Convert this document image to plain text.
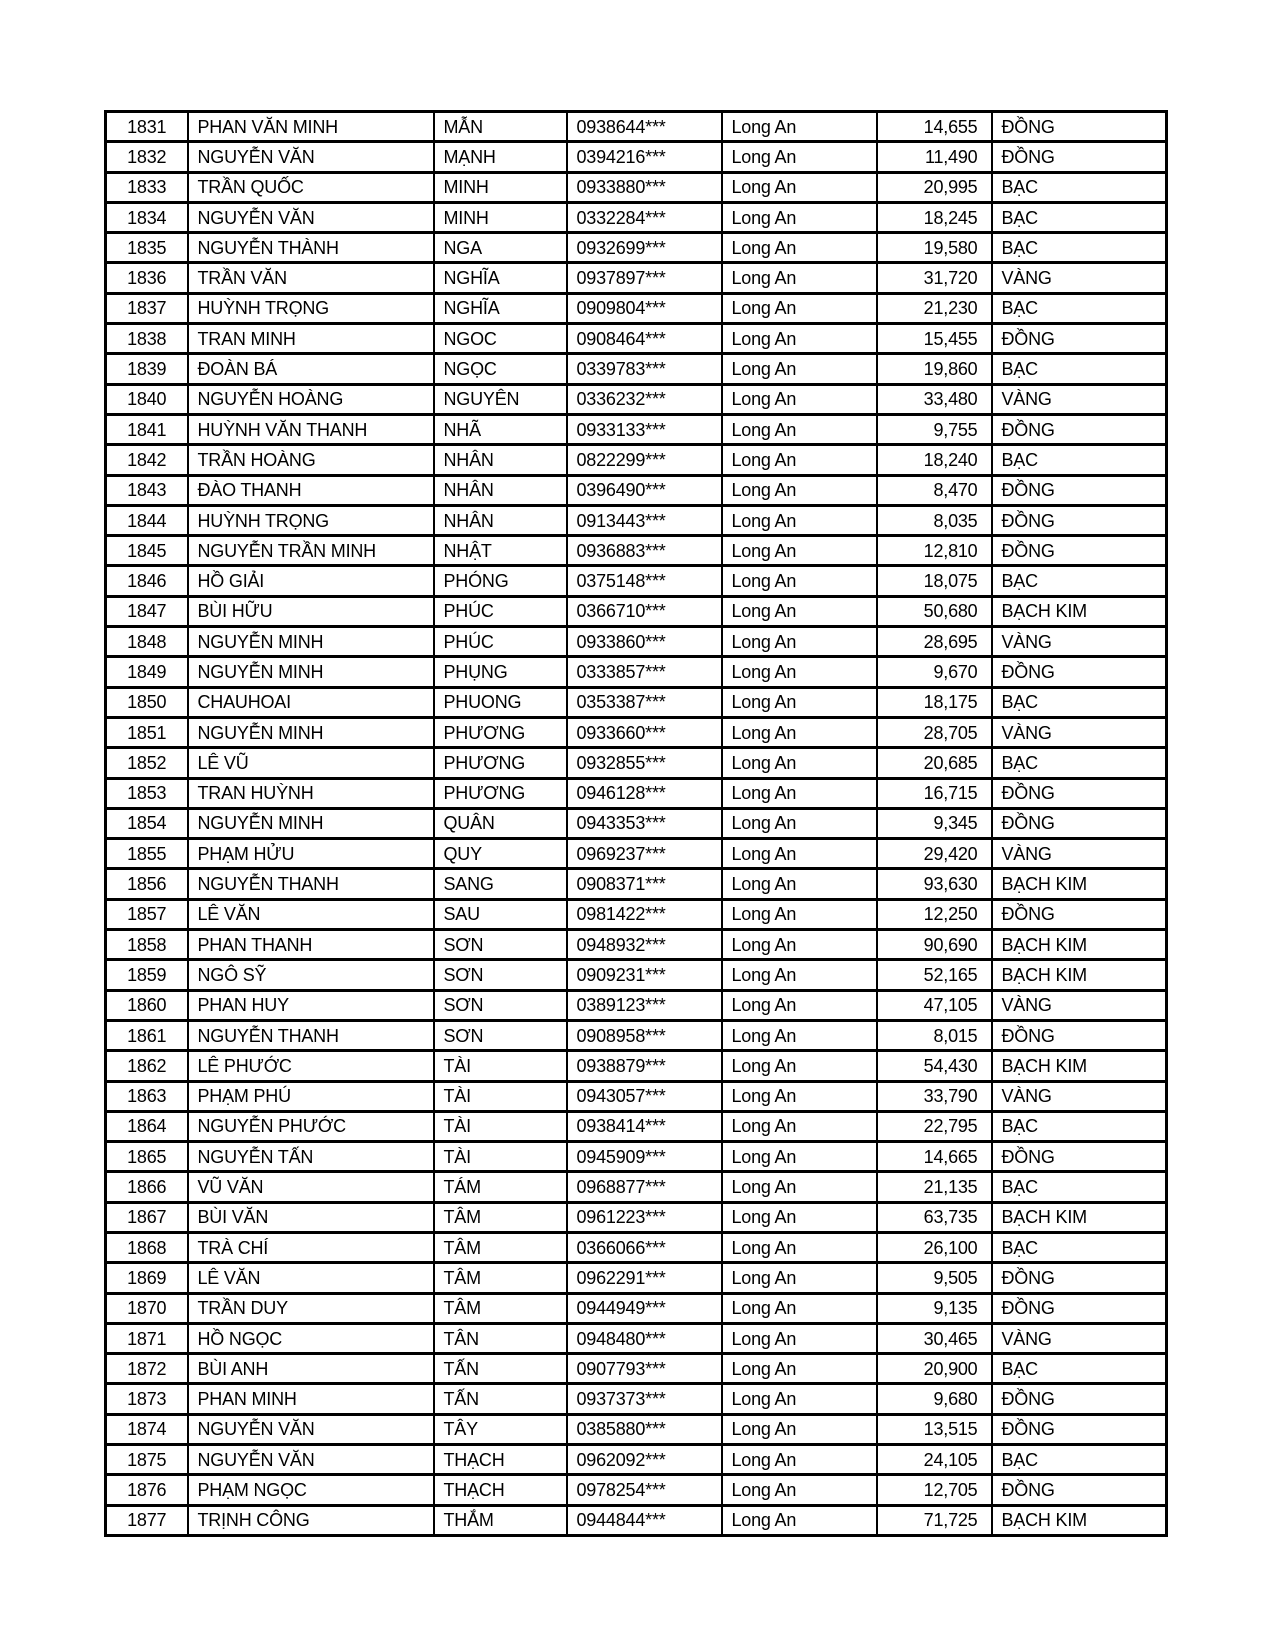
1831	PHAN VĂN MINH	MẪN	0938644***	Long An	14,655	ĐỒNG
1832	NGUYỄN VĂN	MẠNH	0394216***	Long An	11,490	ĐỒNG
1833	TRẦN QUỐC	MINH	0933880***	Long An	20,995	BẠC
1834	NGUYỄN VĂN	MINH	0332284***	Long An	18,245	BẠC
1835	NGUYỄN THÀNH	NGA	0932699***	Long An	19,580	BẠC
1836	TRẦN VĂN	NGHĨA	0937897***	Long An	31,720	VÀNG
1837	HUỲNH TRỌNG	NGHĨA	0909804***	Long An	21,230	BẠC
1838	TRAN MINH	NGOC	0908464***	Long An	15,455	ĐỒNG
1839	ĐOÀN BÁ	NGỌC	0339783***	Long An	19,860	BẠC
1840	NGUYỄN HOÀNG	NGUYÊN	0336232***	Long An	33,480	VÀNG
1841	HUỲNH VĂN THANH	NHÃ	0933133***	Long An	9,755	ĐỒNG
1842	TRẦN HOÀNG	NHÂN	0822299***	Long An	18,240	BẠC
1843	ĐÀO THANH	NHÂN	0396490***	Long An	8,470	ĐỒNG
1844	HUỲNH TRỌNG	NHÂN	0913443***	Long An	8,035	ĐỒNG
1845	NGUYỄN TRẦN MINH	NHẬT	0936883***	Long An	12,810	ĐỒNG
1846	HỒ GIẢI	PHÓNG	0375148***	Long An	18,075	BẠC
1847	BÙI HỮU	PHÚC	0366710***	Long An	50,680	BẠCH KIM
1848	NGUYỄN MINH	PHÚC	0933860***	Long An	28,695	VÀNG
1849	NGUYỄN MINH	PHỤNG	0333857***	Long An	9,670	ĐỒNG
1850	CHAUHOAI	PHUONG	0353387***	Long An	18,175	BẠC
1851	NGUYỄN MINH	PHƯƠNG	0933660***	Long An	28,705	VÀNG
1852	LÊ VŨ	PHƯƠNG	0932855***	Long An	20,685	BẠC
1853	TRAN HUỲNH	PHƯƠNG	0946128***	Long An	16,715	ĐỒNG
1854	NGUYỄN MINH	QUÂN	0943353***	Long An	9,345	ĐỒNG
1855	PHẠM HỬU	QUY	0969237***	Long An	29,420	VÀNG
1856	NGUYỄN THANH	SANG	0908371***	Long An	93,630	BẠCH KIM
1857	LÊ VĂN	SAU	0981422***	Long An	12,250	ĐỒNG
1858	PHAN THANH	SƠN	0948932***	Long An	90,690	BẠCH KIM
1859	NGÔ SỸ	SƠN	0909231***	Long An	52,165	BẠCH KIM
1860	PHAN HUY	SƠN	0389123***	Long An	47,105	VÀNG
1861	NGUYỄN THANH	SƠN	0908958***	Long An	8,015	ĐỒNG
1862	LÊ PHƯỚC	TÀI	0938879***	Long An	54,430	BẠCH KIM
1863	PHẠM PHÚ	TÀI	0943057***	Long An	33,790	VÀNG
1864	NGUYỄN PHƯỚC	TÀI	0938414***	Long An	22,795	BẠC
1865	NGUYỄN TẤN	TÀI	0945909***	Long An	14,665	ĐỒNG
1866	VŨ VĂN	TÁM	0968877***	Long An	21,135	BẠC
1867	BÙI VĂN	TÂM	0961223***	Long An	63,735	BẠCH KIM
1868	TRÀ CHÍ	TÂM	0366066***	Long An	26,100	BẠC
1869	LÊ VĂN	TÂM	0962291***	Long An	9,505	ĐỒNG
1870	TRẦN DUY	TÂM	0944949***	Long An	9,135	ĐỒNG
1871	HỒ NGỌC	TÂN	0948480***	Long An	30,465	VÀNG
1872	BÙI ANH	TẤN	0907793***	Long An	20,900	BẠC
1873	PHAN MINH	TẤN	0937373***	Long An	9,680	ĐỒNG
1874	NGUYỄN VĂN	TÂY	0385880***	Long An	13,515	ĐỒNG
1875	NGUYỄN VĂN	THẠCH	0962092***	Long An	24,105	BẠC
1876	PHẠM NGỌC	THẠCH	0978254***	Long An	12,705	ĐỒNG
1877	TRỊNH CÔNG	THẮM	0944844***	Long An	71,725	BẠCH KIM
